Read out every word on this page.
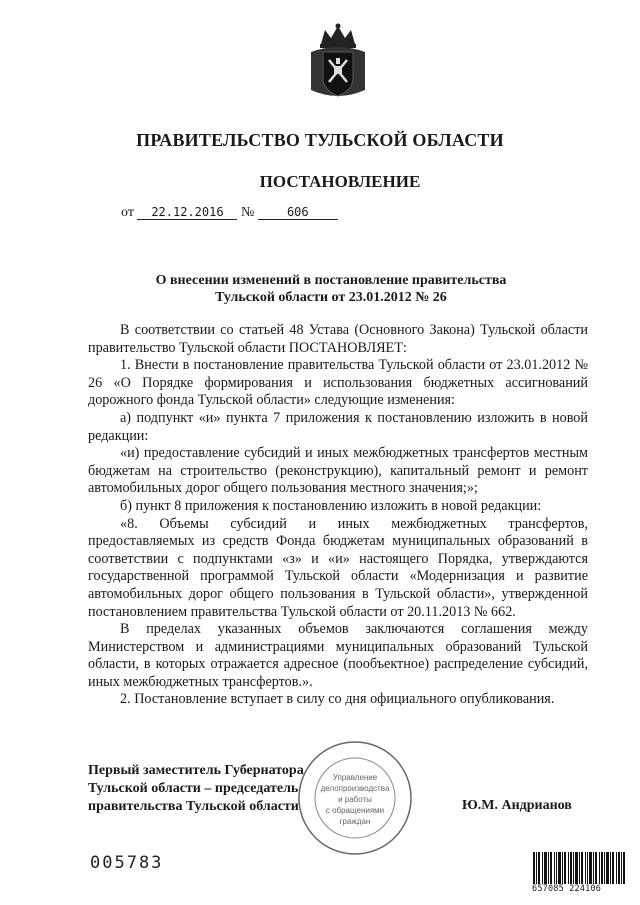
ПРАВИТЕЛЬСТВО ТУЛЬСКОЙ ОБЛАСТИ
ПОСТАНОВЛЕНИЕ
от 22.12.2016 №	606
О внесении изменений в постановление правительства
Тульской области от 23.01.2012 № 26

В соответствии со статьей 48 Устава (Основного Закона) Тульской области правительство Тульской области ПОСТАНОВЛЯЕТ:

1. Внести в постановление правительства Тульской области от 23.01.2012 № 26 «О Порядке формирования и использования бюджетных ассигнований дорожного фонда Тульской области» следующие изменения:

а) подпункт «и» пункта 7 приложения к постановлению изложить в новой редакции:

«и) предоставление субсидий и иных межбюджетных трансфертов местным бюджетам на строительство (реконструкцию), капитальный ремонт и ремонт автомобильных дорог общего пользования местного значения;»;

б) пункт 8 приложения к постановлению изложить в новой редакции:

«8. Объемы субсидий и иных межбюджетных трансфертов, предоставляемых из средств Фонда бюджетам муниципальных образований в соответствии с подпунктами «з» и «и» настоящего Порядка, утверждаются государственной программой Тульской области «Модернизация и развитие автомобильных дорог общего пользования в Тульской области», утвержденной постановлением правительства Тульской области от 20.11.2013 № 662.

В пределах указанных объемов заключаются соглашения между Министерством и администрациями муниципальных образований Тульской области, в которых отражается адресное (пообъектное) распределение субсидий, иных межбюджетных трансфертов.».

2. Постановление вступает в силу со дня официального опубликования.

Первый заместитель Губернатора
Тульской области – председатель
правительства Тульской области
Управление
делопроизводства
и работы
с обращениями
граждан
Ю.М. Андрианов
005783
657085 224106
